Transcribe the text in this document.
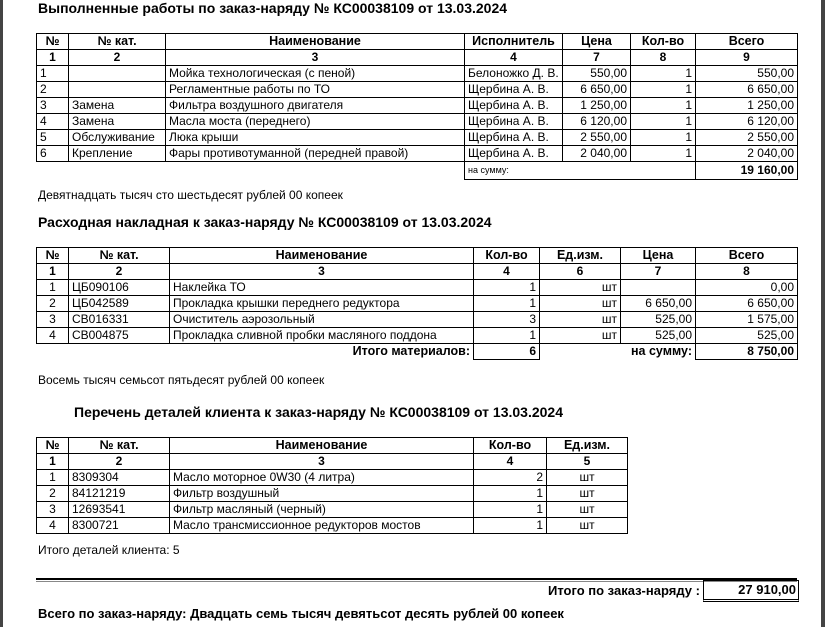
Выполненные работы по заказ-наряду № КС00038109 от 13.03.2024
№	№ кат.	Наименование	Исполнитель	Цена	Кол-во	Всего
1	2	3	4	7	8	9
1		Мойка технологическая (с пеной)	Белоножко Д. В.	550,00	1	550,00
2		Регламентные работы по ТО	Щербина А. В.	6 650,00	1	6 650,00
3	Замена	Фильтра воздушного двигателя	Щербина А. В.	1 250,00	1	1 250,00
4	Замена	Масла моста (переднего)	Щербина А. В.	6 120,00	1	6 120,00
5	Обслуживание	Люка крыши	Щербина А. В.	2 550,00	1	2 550,00
6	Крепление	Фары противотуманной (передней правой)	Щербина А. В.	2 040,00	1	2 040,00
			на сумму:			19 160,00
Девятнадцать тысяч сто шестьдесят рублей 00 копеек
Расходная накладная к заказ-наряду № КС00038109 от 13.03.2024
№	№ кат.	Наименование	Кол-во	Ед.изм.	Цена	Всего
1	2	3	4	6	7	8
1	ЦБ090106	Наклейка ТО	1	шт		0,00
2	ЦБ042589	Прокладка крышки переднего редуктора	1	шт	6 650,00	6 650,00
3	СВ016331	Очиститель аэрозольный	3	шт	525,00	1 575,00
4	СВ004875	Прокладка сливной пробки масляного поддона	1	шт	525,00	525,00
Итого материалов:			6	на сумму:		8 750,00
Восемь тысяч семьсот пятьдесят рублей 00 копеек
Перечень деталей клиента к заказ-наряду № КС00038109 от 13.03.2024
№	№ кат.	Наименование	Кол-во	Ед.изм.
1	2	3	4	5
1	8309304	Масло моторное 0W30 (4 литра)	2	шт
2	84121219	Фильтр воздушный	1	шт
3	12693541	Фильтр масляный (черный)	1	шт
4	8300721	Масло трансмиссионное редукторов мостов	1	шт
Итого деталей клиента: 5
Итого по заказ-наряду :	27 910,00
Всего по заказ-наряду: Двадцать семь тысяч девятьсот десять рублей 00 копеек
